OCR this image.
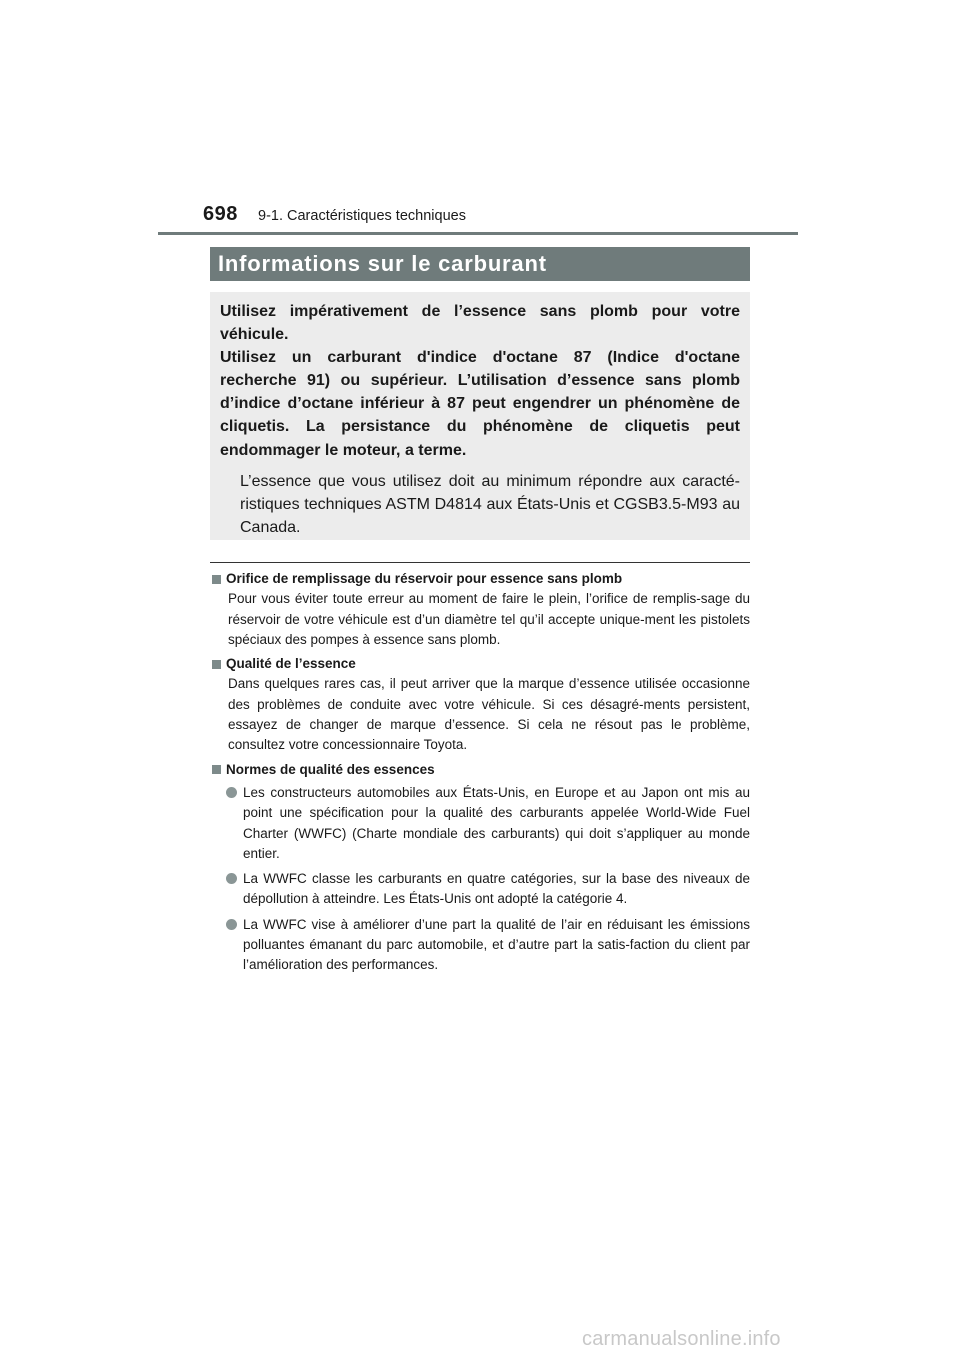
698 9-1. Caractéristiques techniques
Informations sur le carburant

Utilisez impérativement de l’essence sans plomb pour votre véhicule.

Utilisez un carburant d'indice d'octane 87 (Indice d'octane recherche 91) ou supérieur. L’utilisation d’essence sans plomb d’indice d’octane inférieur à 87 peut engendrer un phénomène de cliquetis. La persistance du phénomène de cliquetis peut endommager le moteur, a terme.

L’essence que vous utilisez doit au minimum répondre aux caracté-ristiques techniques ASTM D4814 aux États-Unis et CGSB3.5-M93 au Canada.

Orifice de remplissage du réservoir pour essence sans plomb

Pour vous éviter toute erreur au moment de faire le plein, l’orifice de remplis-sage du réservoir de votre véhicule est d’un diamètre tel qu’il accepte unique-ment les pistolets spéciaux des pompes à essence sans plomb.

Qualité de l’essence

Dans quelques rares cas, il peut arriver que la marque d’essence utilisée occasionne des problèmes de conduite avec votre véhicule. Si ces désagré-ments persistent, essayez de changer de marque d’essence. Si cela ne résout pas le problème, consultez votre concessionnaire Toyota.

Normes de qualité des essences

Les constructeurs automobiles aux États-Unis, en Europe et au Japon ont mis au point une spécification pour la qualité des carburants appelée World-Wide Fuel Charter (WWFC) (Charte mondiale des carburants) qui doit s’appliquer au monde entier.
La WWFC classe les carburants en quatre catégories, sur la base des niveaux de dépollution à atteindre. Les États-Unis ont adopté la catégorie 4.
La WWFC vise à améliorer d’une part la qualité de l’air en réduisant les émissions polluantes émanant du parc automobile, et d’autre part la satis-faction du client par l’amélioration des performances.
carmanualsonline.info
